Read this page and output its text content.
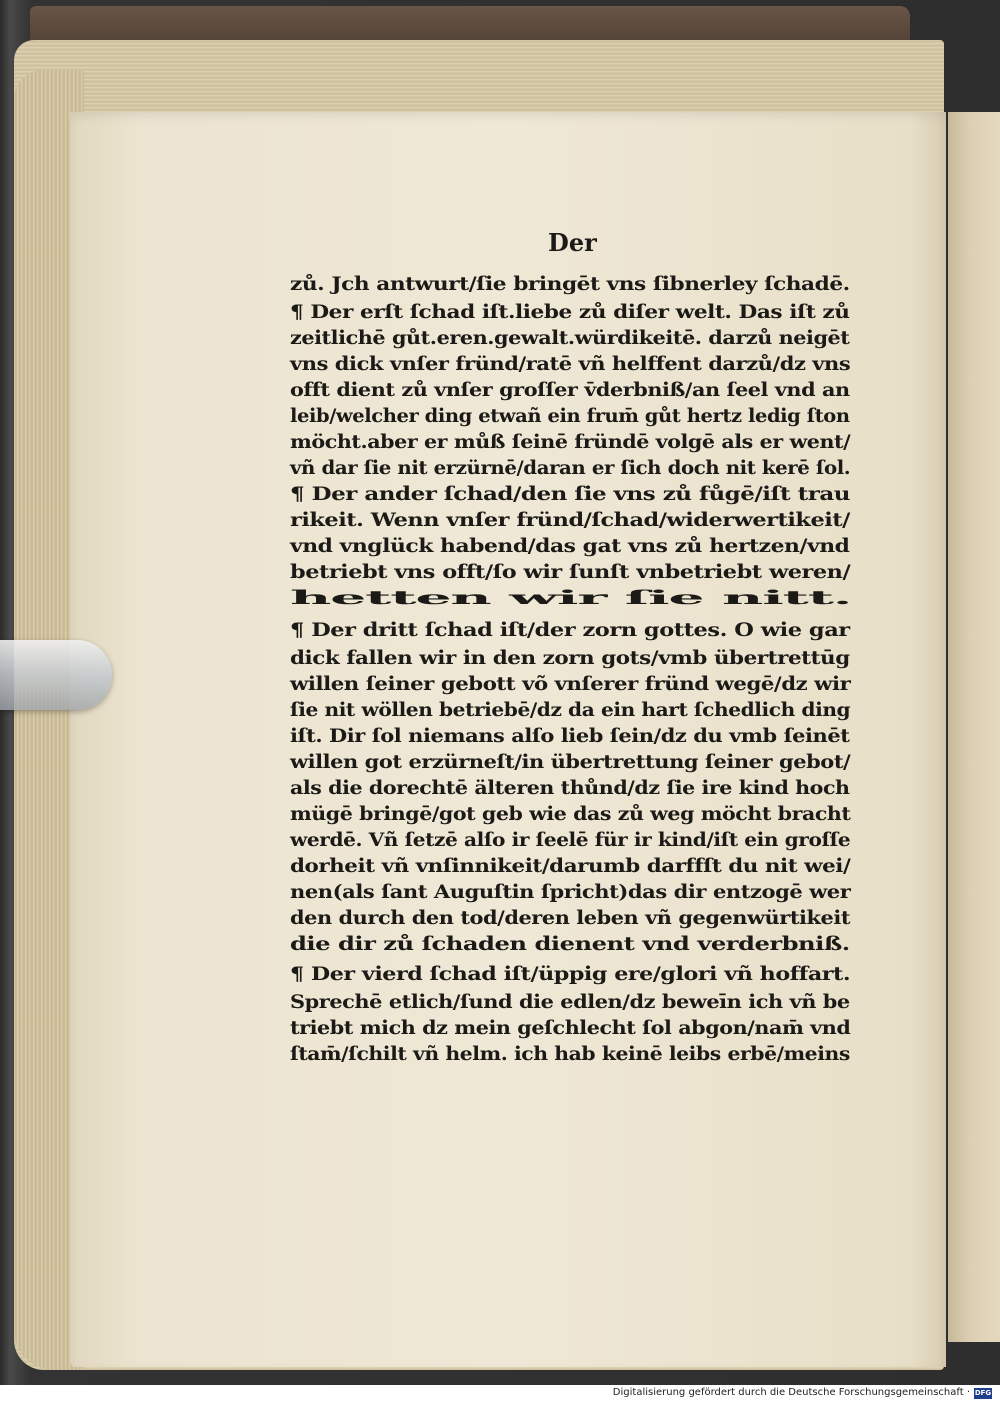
Der
zů. Jch antwurt/ſie bringēt vns ſibnerley ſchadē.
¶ Der erſt ſchad iſt.liebe zů diſer welt. Das iſt zů
zeitlichē gůt.eren.gewalt.würdikeitē. darzů neigēt
vns dick vnſer fründ/ratē vñ helffent darzů/dz vns
offt dient zů vnſer groſſer v̄derbniß/an ſeel vnd an
leib/welcher ding etwañ ein frum̄ gůt hertz ledig ſton
möcht.aber er můß ſeinē fründē volgē als er went/
vñ dar ſie nit erzürnē/daran er ſich doch nit kerē ſol.
¶ Der ander ſchad/den ſie vns zů fůgē/iſt trau
rikeit. Wenn vnſer fründ/ſchad/widerwertikeit/
vnd vnglück habend/das gat vns zů hertzen/vnd
betriebt vns offt/ſo wir ſunſt vnbetriebt weren/
hetten wir ſie nitt.
¶ Der dritt ſchad iſt/der zorn gottes. O wie gar
dick fallen wir in den zorn gots/vmb übertrettūg
willen ſeiner gebott võ vnſerer fründ wegē/dz wir
ſie nit wöllen betriebē/dz da ein hart ſchedlich ding
iſt. Dir ſol niemans alſo lieb ſein/dz du vmb ſeinēt
willen got erzürneſt/in übertrettung ſeiner gebot/
als die dorechtē älteren thůnd/dz ſie ire kind hoch
mügē bringē/got geb wie das zů weg möcht bracht
werdē. Vñ ſetzē alſo ir ſeelē für ir kind/iſt ein groſſe
dorheit vñ vnſinnikeit/darumb darffſt du nit wei/
nen(als ſant Auguſtin ſpricht)das dir entzogē wer
den durch den tod/deren leben vñ gegenwürtikeit
die dir zů ſchaden dienent vnd verderbniß.
¶ Der vierd ſchad iſt/üppig ere/glori vñ hoffart.
Sprechē etlich/ſund die edlen/dz beweīn ich vñ be
triebt mich dz mein geſchlecht ſol abgon/nam̄ vnd
ſtam̄/ſchilt vñ helm. ich hab keinē leibs erbē/meins
Digitalisierung gefördert durch die Deutsche Forschungsgemeinschaft · DFG
